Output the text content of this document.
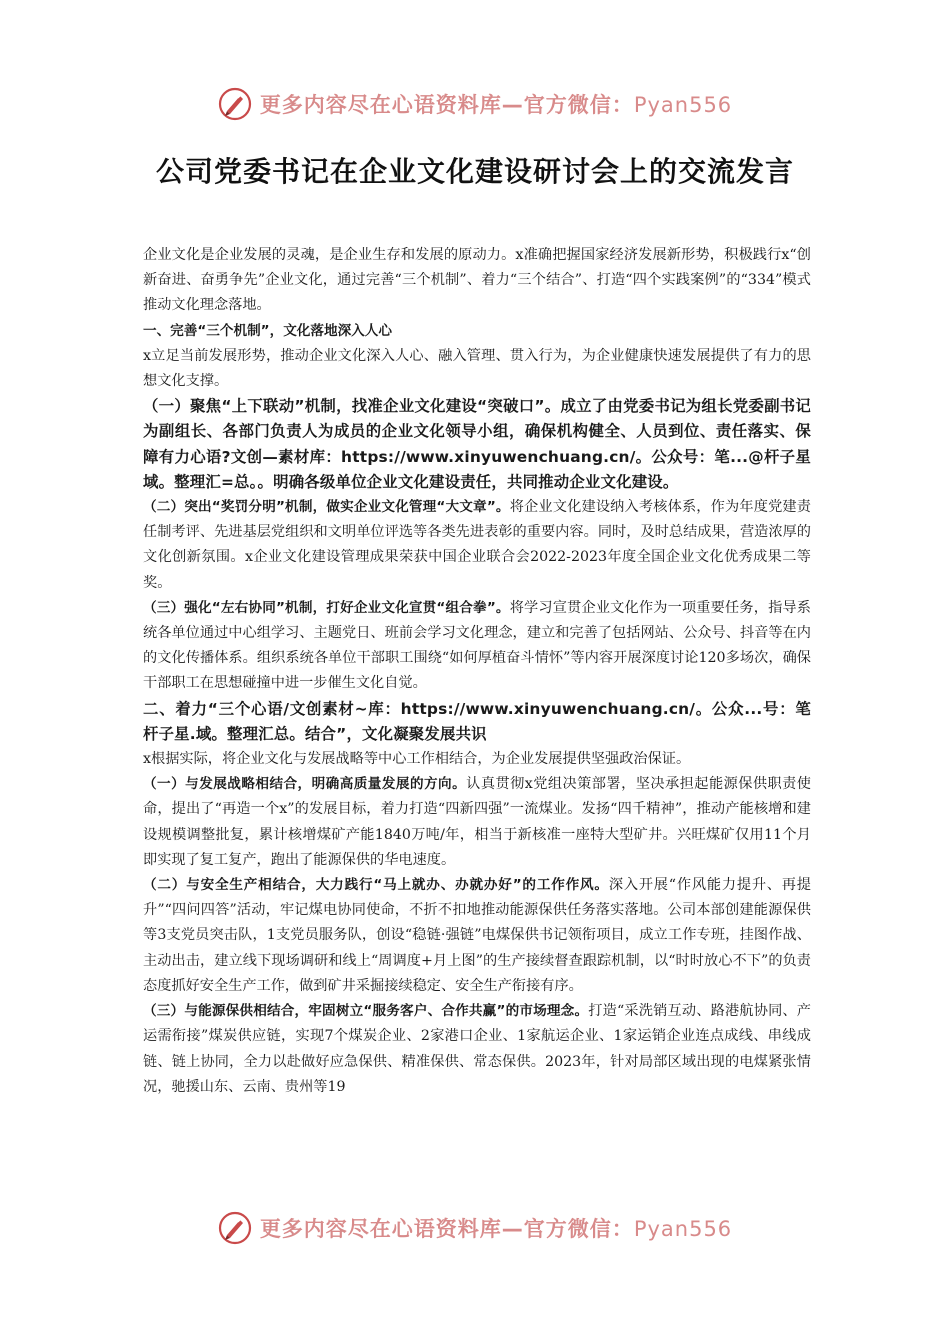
更多内容尽在心语资料库—官方微信：Pyan556
公司党委书记在企业文化建设研讨会上的交流发言

企业文化是企业发展的灵魂，是企业生存和发展的原动力。x准确把握国家经济发展新形势，积极践行x“创新奋进、奋勇争先”企业文化，通过完善“三个机制”、着力“三个结合”、打造“四个实践案例”的“334”模式推动文化理念落地。

一、完善“三个机制”，文化落地深入人心

x立足当前发展形势，推动企业文化深入人心、融入管理、贯入行为，为企业健康快速发展提供了有力的思想文化支撑。

（一）聚焦“上下联动”机制，找准企业文化建设“突破口”。成立了由党委书记为组长党委副书记为副组长、各部门负责人为成员的企业文化领导小组，确保机构健全、人员到位、责任落实、保障有力心语?文创—素材库：https://www.xinyuwenchuang.cn/。公众号：笔...@杆子星域。整理汇=总。。明确各级单位企业文化建设责任，共同推动企业文化建设。

（二）突出“奖罚分明”机制，做实企业文化管理“大文章”。将企业文化建设纳入考核体系，作为年度党建责任制考评、先进基层党组织和文明单位评选等各类先进表彰的重要内容。同时，及时总结成果，营造浓厚的文化创新氛围。x企业文化建设管理成果荣获中国企业联合会2022-2023年度全国企业文化优秀成果二等奖。

（三）强化“左右协同”机制，打好企业文化宣贯“组合拳”。将学习宣贯企业文化作为一项重要任务，指导系统各单位通过中心组学习、主题党日、班前会学习文化理念，建立和完善了包括网站、公众号、抖音等在内的文化传播体系。组织系统各单位干部职工围绕“如何厚植奋斗情怀”等内容开展深度讨论120多场次，确保干部职工在思想碰撞中进一步催生文化自觉。

二、着力“三个心语/文创素材~库：https://www.xinyuwenchuang.cn/。公众...号：笔杆子星.域。整理汇总。结合”，文化凝聚发展共识

x根据实际，将企业文化与发展战略等中心工作相结合，为企业发展提供坚强政治保证。

（一）与发展战略相结合，明确高质量发展的方向。认真贯彻x党组决策部署，坚决承担起能源保供职责使命，提出了“再造一个x”的发展目标，着力打造“四新四强”一流煤业。发扬“四千精神”，推动产能核增和建设规模调整批复，累计核增煤矿产能1840万吨/年，相当于新核准一座特大型矿井。兴旺煤矿仅用11个月即实现了复工复产，跑出了能源保供的华电速度。

（二）与安全生产相结合，大力践行“马上就办、办就办好”的工作作风。深入开展“作风能力提升、再提升”“四问四答”活动，牢记煤电协同使命，不折不扣地推动能源保供任务落实落地。公司本部创建能源保供等3支党员突击队，1支党员服务队，创设“稳链·强链”电煤保供书记领衔项目，成立工作专班，挂图作战、主动出击，建立线下现场调研和线上“周调度+月上图”的生产接续督查跟踪机制，以“时时放心不下”的负责态度抓好安全生产工作，做到矿井采掘接续稳定、安全生产衔接有序。

（三）与能源保供相结合，牢固树立“服务客户、合作共赢”的市场理念。打造“采洗销互动、路港航协同、产运需衔接”煤炭供应链，实现7个煤炭企业、2家港口企业、1家航运企业、1家运销企业连点成线、串线成链、链上协同，全力以赴做好应急保供、精准保供、常态保供。2023年，针对局部区域出现的电煤紧张情况，驰援山东、云南、贵州等19

更多内容尽在心语资料库—官方微信：Pyan556
